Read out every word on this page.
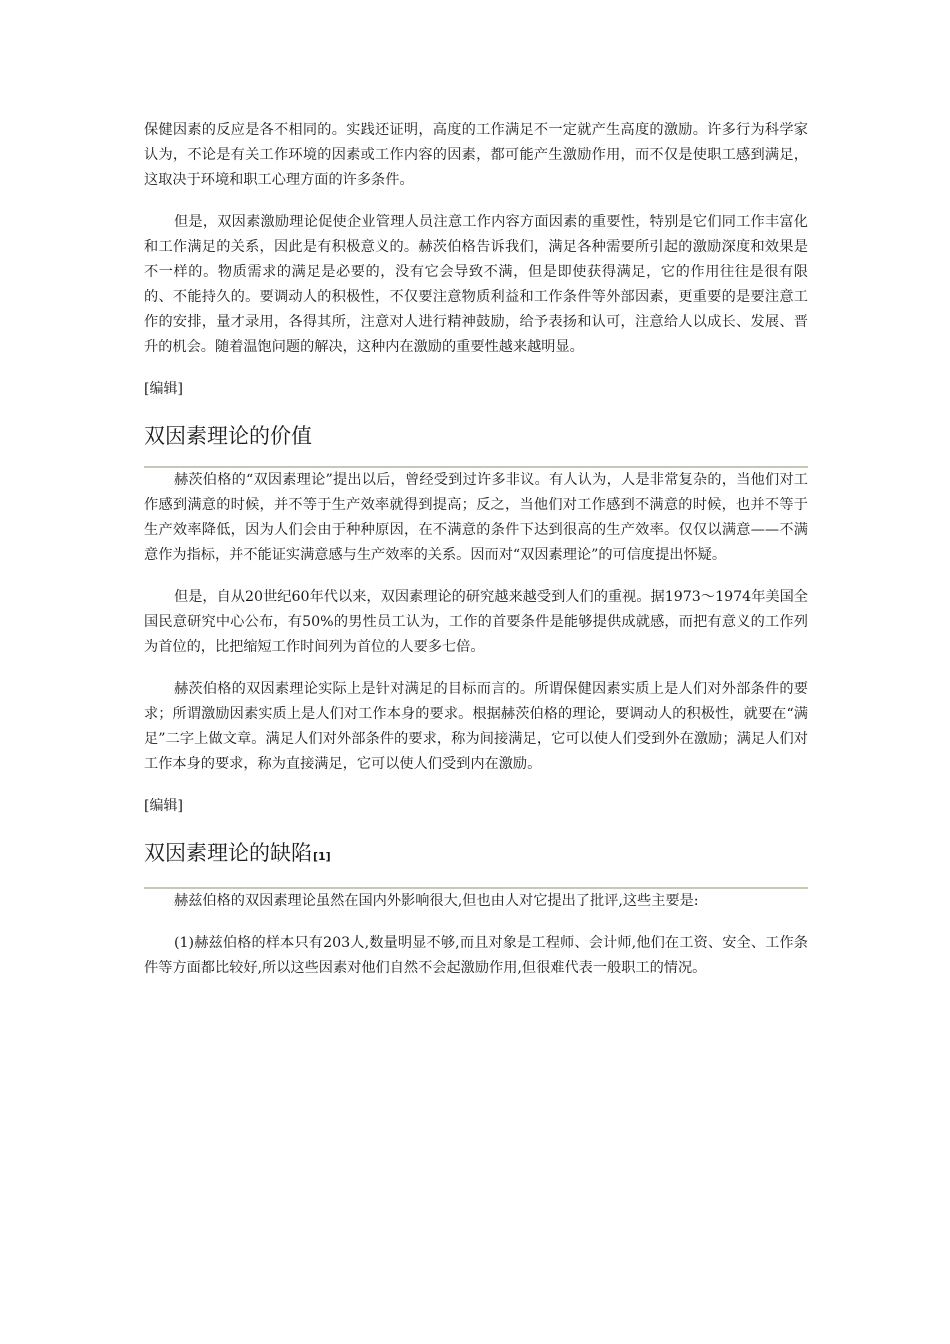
保健因素的反应是各不相同的。实践还证明，高度的工作满足不一定就产生高度的激励。许多行为科学家认为，不论是有关工作环境的因素或工作内容的因素，都可能产生激励作用，而不仅是使职工感到满足，这取决于环境和职工心理方面的许多条件。

但是，双因素激励理论促使企业管理人员注意工作内容方面因素的重要性，特别是它们同工作丰富化和工作满足的关系，因此是有积极意义的。赫茨伯格告诉我们，满足各种需要所引起的激励深度和效果是不一样的。物质需求的满足是必要的，没有它会导致不满，但是即使获得满足，它的作用往往是很有限的、不能持久的。要调动人的积极性，不仅要注意物质利益和工作条件等外部因素，更重要的是要注意工作的安排，量才录用，各得其所，注意对人进行精神鼓励，给予表扬和认可，注意给人以成长、发展、晋升的机会。随着温饱问题的解决，这种内在激励的重要性越来越明显。

[编辑]
双因素理论的价值

赫茨伯格的“双因素理论”提出以后，曾经受到过许多非议。有人认为，人是非常复杂的，当他们对工作感到满意的时候，并不等于生产效率就得到提高；反之，当他们对工作感到不满意的时候，也并不等于生产效率降低，因为人们会由于种种原因，在不满意的条件下达到很高的生产效率。仅仅以满意——不满意作为指标，并不能证实满意感与生产效率的关系。因而对“双因素理论”的可信度提出怀疑。

但是，自从20世纪60年代以来，双因素理论的研究越来越受到人们的重视。据1973～1974年美国全国民意研究中心公布，有50%的男性员工认为，工作的首要条件是能够提供成就感，而把有意义的工作列为首位的，比把缩短工作时间列为首位的人要多七倍。

赫茨伯格的双因素理论实际上是针对满足的目标而言的。所谓保健因素实质上是人们对外部条件的要求；所谓激励因素实质上是人们对工作本身的要求。根据赫茨伯格的理论，要调动人的积极性，就要在“满足”二字上做文章。满足人们对外部条件的要求，称为间接满足，它可以使人们受到外在激励；满足人们对工作本身的要求，称为直接满足，它可以使人们受到内在激励。

[编辑]
双因素理论的缺陷[1]

赫兹伯格的双因素理论虽然在国内外影响很大,但也由人对它提出了批评,这些主要是:

(1)赫兹伯格的样本只有203人,数量明显不够,而且对象是工程师、会计师,他们在工资、安全、工作条件等方面都比较好,所以这些因素对他们自然不会起激励作用,但很难代表一般职工的情况。
